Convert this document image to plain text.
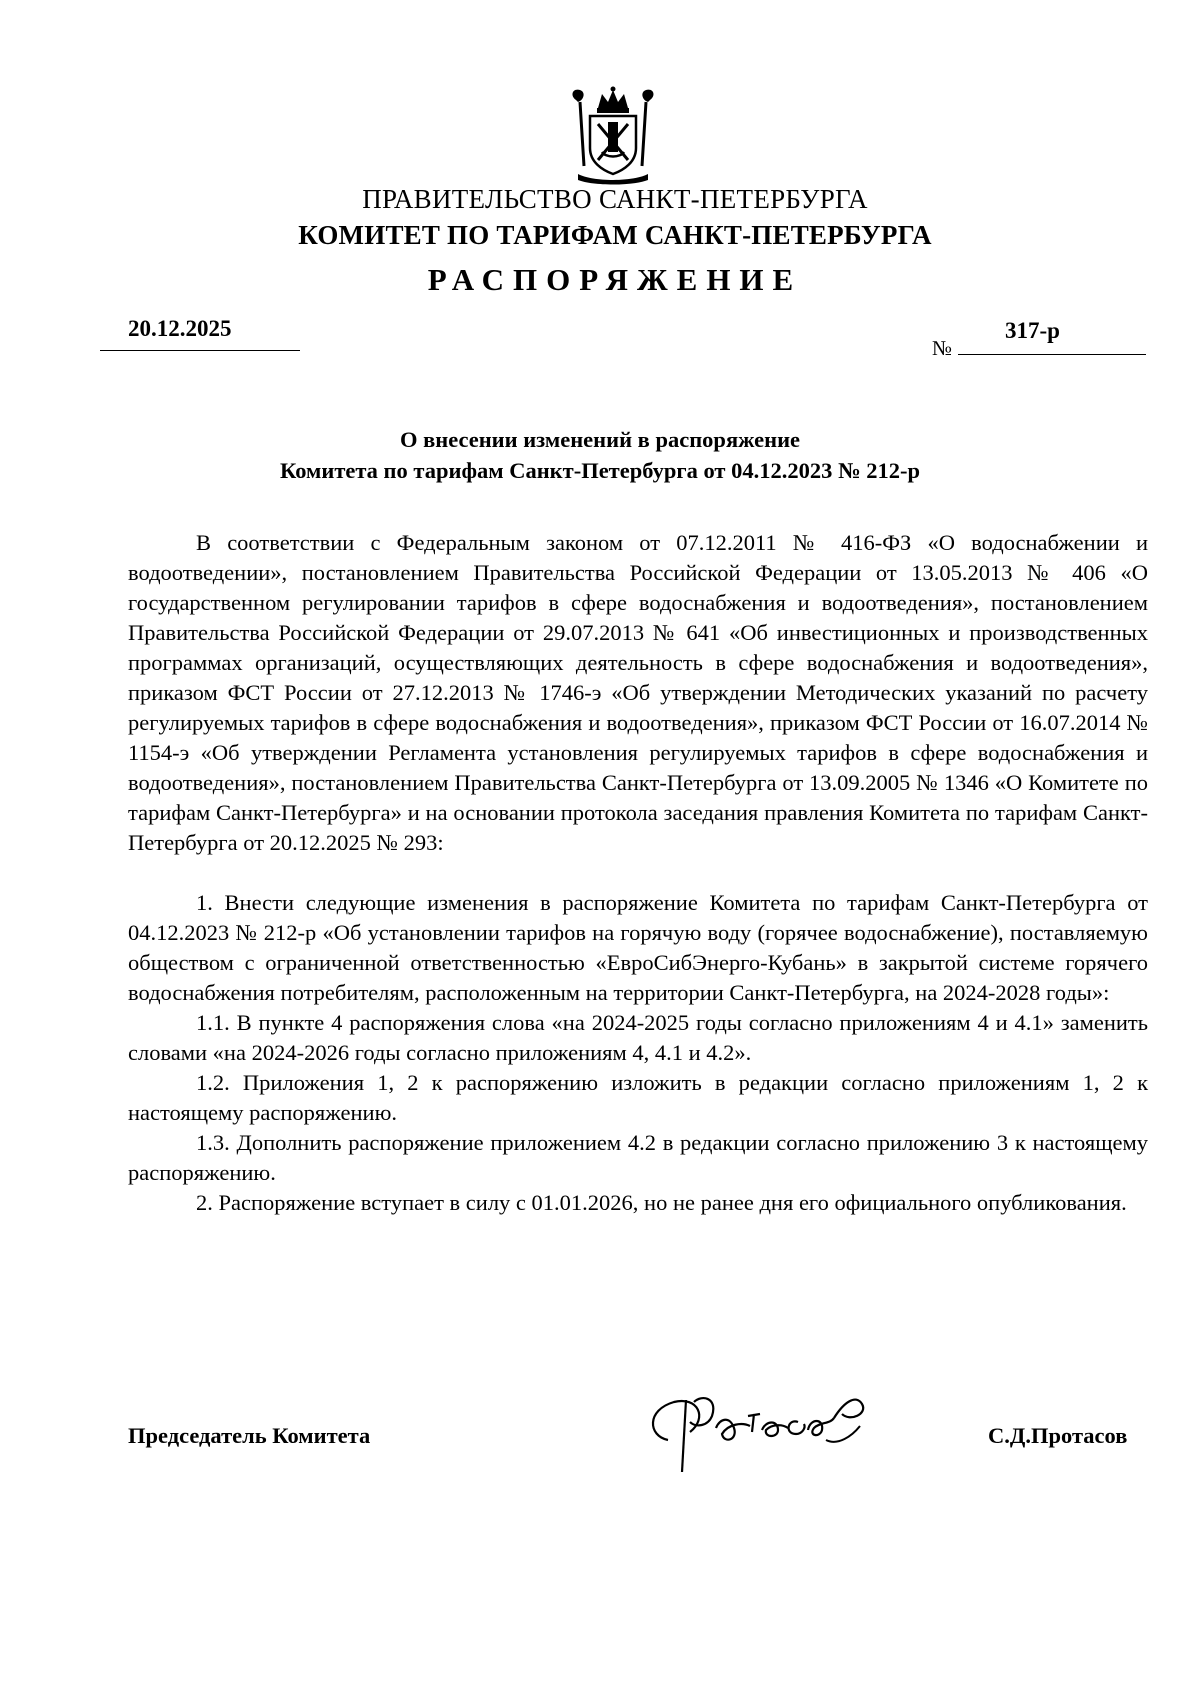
ПРАВИТЕЛЬСТВО САНКТ-ПЕТЕРБУРГА
КОМИТЕТ ПО ТАРИФАМ САНКТ-ПЕТЕРБУРГА
РАСПОРЯЖЕНИЕ
20.12.2025
№
317-р
О внесении изменений в распоряжение
Комитета по тарифам Санкт-Петербурга от 04.12.2023 № 212-р

В соответствии с Федеральным законом от 07.12.2011 № 416-ФЗ «О водоснабжении и водоотведении», постановлением Правительства Российской Федерации от 13.05.2013 № 406 «О государственном регулировании тарифов в сфере водоснабжения и водоотведения», постановлением Правительства Российской Федерации от 29.07.2013 № 641 «Об инвестиционных и производственных программах организаций, осуществляющих деятельность в сфере водоснабжения и водоотведения», приказом ФСТ России от 27.12.2013 № 1746-э «Об утверждении Методических указаний по расчету регулируемых тарифов в сфере водоснабжения и водоотведения», приказом ФСТ России от 16.07.2014 № 1154-э «Об утверждении Регламента установления регулируемых тарифов в сфере водоснабжения и водоотведения», постановлением Правительства Санкт-Петербурга от 13.09.2005 № 1346 «О Комитете по тарифам Санкт-Петербурга» и на основании протокола заседания правления Комитета по тарифам Санкт-Петербурга от 20.12.2025 № 293:

1. Внести следующие изменения в распоряжение Комитета по тарифам Санкт-Петербурга от 04.12.2023 № 212-р «Об установлении тарифов на горячую воду (горячее водоснабжение), поставляемую обществом с ограниченной ответственностью «ЕвроСибЭнерго-Кубань» в закрытой системе горячего водоснабжения потребителям, расположенным на территории Санкт-Петербурга, на 2024-2028 годы»:

1.1. В пункте 4 распоряжения слова «на 2024-2025 годы согласно приложениям 4 и 4.1» заменить словами «на 2024-2026 годы согласно приложениям 4, 4.1 и 4.2».

1.2. Приложения 1, 2 к распоряжению изложить в редакции согласно приложениям 1, 2 к настоящему распоряжению.

1.3. Дополнить распоряжение приложением 4.2 в редакции согласно приложению 3 к настоящему распоряжению.

2. Распоряжение вступает в силу с 01.01.2026, но не ранее дня его официального опубликования.

Председатель Комитета	С.Д.Протасов
